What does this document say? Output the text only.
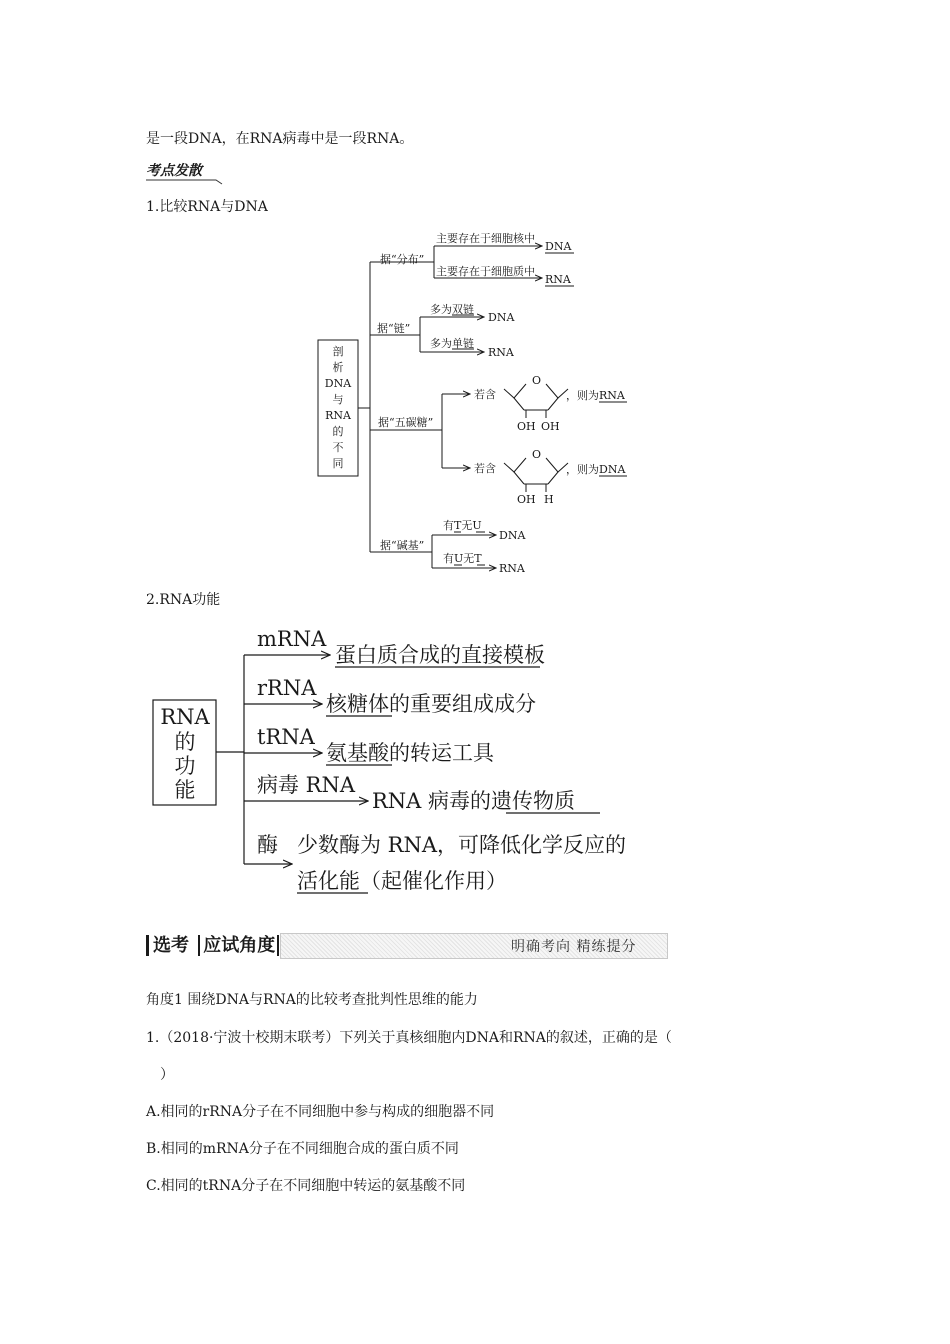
是一段DNA，在RNA病毒中是一段RNA。
考点发散
1.比较RNA与DNA
剖
析
DNA
与
RNA
的
不
同
据“分布”
据“链”
据“五碳糖”
据“碱基”
主要存在于细胞核中
DNA
主要存在于细胞质中
RNA
多为双链
DNA
多为单链
RNA
若含
O
OH OH
，则为RNA
若含
O
OH H
，则为DNA
有T无U
DNA
有U无T
RNA
2.RNA功能
RNA
的
功
能
mRNA
rRNA
tRNA
病毒 RNA
酶
蛋白质合成的直接模板
核糖体的重要组成成分
氨基酸的转运工具
RNA 病毒的遗传物质
少数酶为 RNA，可降低化学反应的
活化能（起催化作用）
选考 应试角度	明确考向 精练提分
角度1 围绕DNA与RNA的比较考查批判性思维的能力
1.（2018·宁波十校期末联考）下列关于真核细胞内DNA和RNA的叙述，正确的是（
）
A.相同的rRNA分子在不同细胞中参与构成的细胞器不同
B.相同的mRNA分子在不同细胞合成的蛋白质不同
C.相同的tRNA分子在不同细胞中转运的氨基酸不同
